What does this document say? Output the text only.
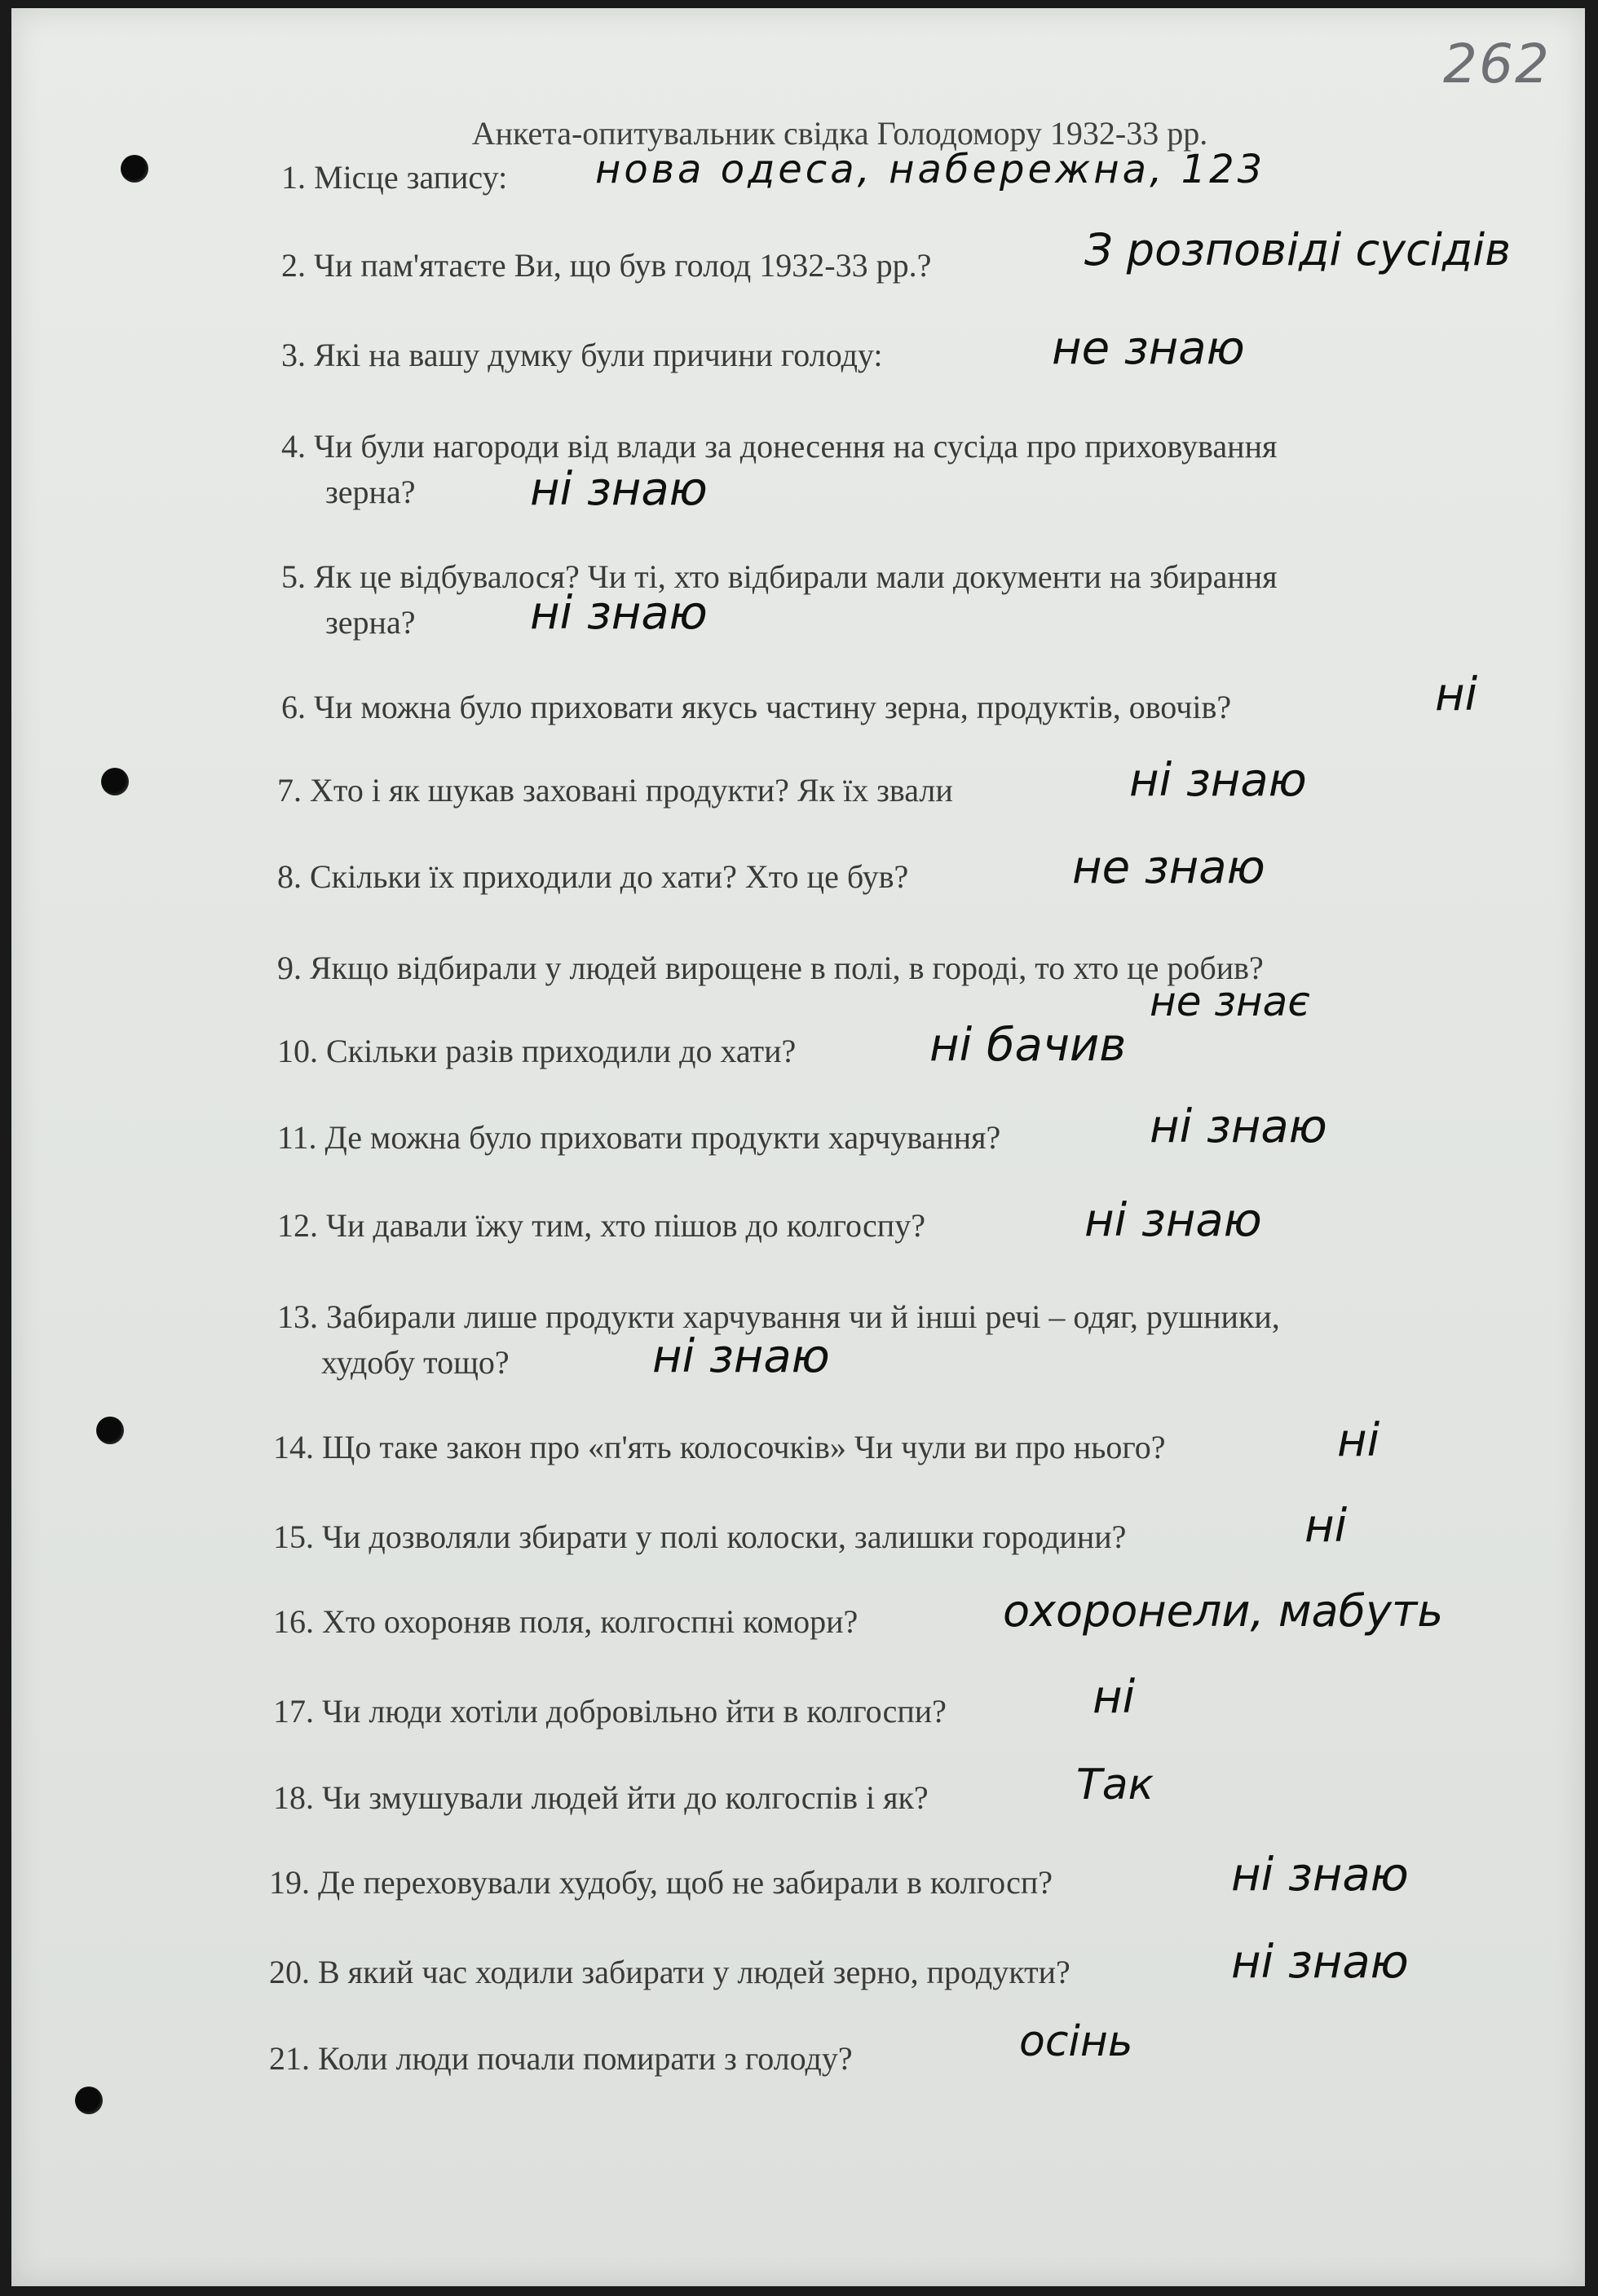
262
Анкета-опитувальник свідка Голодомору 1932-33 рр.
1. Місце запису: нова одеса, набережна, 123
2. Чи пам'ятаєте Ви, що був голод 1932-33 рр.?	З розповіді сусідів
3. Які на вашу думку були причини голоду:	не знаю
4. Чи були нагороди від влади за донесення на сусіда про приховування
зерна?	ні знаю
5. Як це відбувалося? Чи ті, хто відбирали мали документи на збирання
зерна?	ні знаю
6. Чи можна було приховати якусь частину зерна, продуктів, овочів?	ні
7. Хто і як шукав заховані продукти? Як їх звали	ні знаю
8. Скільки їх приходили до хати? Хто це був?	не знаю
9. Якщо відбирали у людей вирощене в полі, в городі, то хто це робив?
не знає
10. Скільки разів приходили до хати?	ні бачив
11. Де можна було приховати продукти харчування?	ні знаю
12. Чи давали їжу тим, хто пішов до колгоспу?	ні знаю
13. Забирали лише продукти харчування чи й інші речі – одяг, рушники,
худобу тощо?	ні знаю
14. Що таке закон про «п'ять колосочків» Чи чули ви про нього?	ні
15. Чи дозволяли збирати у полі колоски, залишки городини?	ні
16. Хто охороняв поля, колгоспні комори?	охоронели, мабуть
17. Чи люди хотіли добровільно йти в колгоспи?	ні
18. Чи змушували людей йти до колгоспів і як?	Так
19. Де переховували худобу, щоб не забирали в колгосп?	ні знаю
20. В який час ходили забирати у людей зерно, продукти?	ні знаю
21. Коли люди почали помирати з голоду?	осінь
